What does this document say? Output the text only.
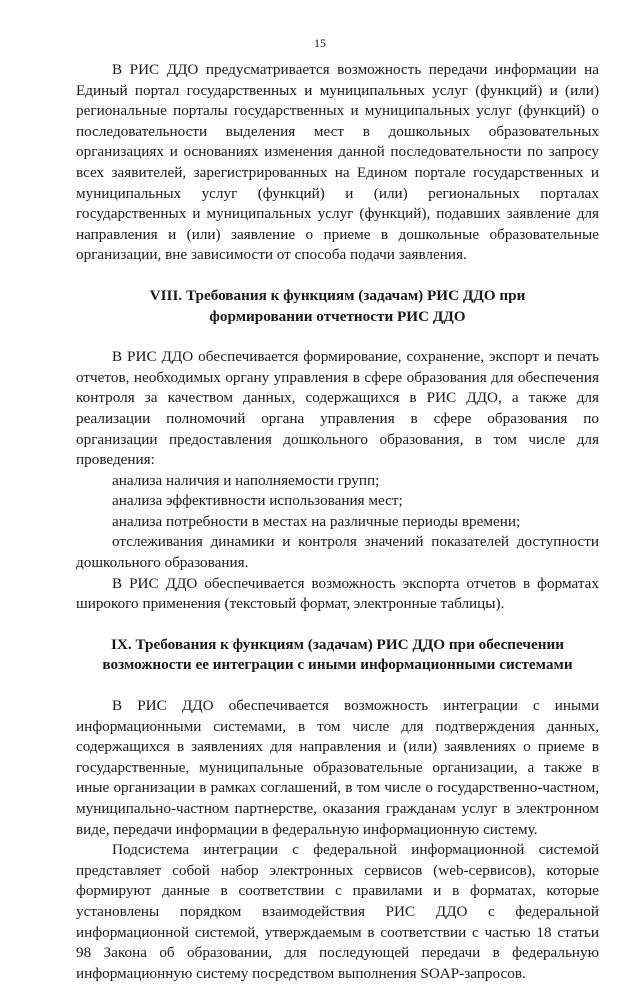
15

В РИС ДДО предусматривается возможность передачи информации на Единый портал государственных и муниципальных услуг (функций) и (или) региональные порталы государственных и муниципальных услуг (функций) о последовательности выделения мест в дошкольных образовательных организациях и основаниях изменения данной последовательности по запросу всех заявителей, зарегистрированных на Едином портале государственных и муниципальных услуг (функций) и (или) региональных порталах государственных и муниципальных услуг (функций), подавших заявление для направления и (или) заявление о приеме в дошкольные образовательные организации, вне зависимости от способа подачи заявления.

VIII. Требования к функциям (задачам) РИС ДДО при
формировании отчетности РИС ДДО

В РИС ДДО обеспечивается формирование, сохранение, экспорт и печать отчетов, необходимых органу управления в сфере образования для обеспечения контроля за качеством данных, содержащихся в РИС ДДО, а также для реализации полномочий органа управления в сфере образования по организации предоставления дошкольного образования, в том числе для проведения:

анализа наличия и наполняемости групп;

анализа эффективности использования мест;

анализа потребности в местах на различные периоды времени;

отслеживания динамики и контроля значений показателей доступности дошкольного образования.

В РИС ДДО обеспечивается возможность экспорта отчетов в форматах широкого применения (текстовый формат, электронные таблицы).

IX. Требования к функциям (задачам) РИС ДДО при обеспечении
возможности ее интеграции с иными информационными системами

В РИС ДДО обеспечивается возможность интеграции с иными информационными системами, в том числе для подтверждения данных, содержащихся в заявлениях для направления и (или) заявлениях о приеме в государственные, муниципальные образовательные организации, а также в иные организации в рамках соглашений, в том числе о государственно-частном, муниципально-частном партнерстве, оказания гражданам услуг в электронном виде, передачи информации в федеральную информационную систему.

Подсистема интеграции с федеральной информационной системой представляет собой набор электронных сервисов (web-сервисов), которые формируют данные в соответствии с правилами и в форматах, которые установлены порядком взаимодействия РИС ДДО с федеральной информационной системой, утверждаемым в соответствии с частью 18 статьи 98 Закона об образовании, для последующей передачи в федеральную информационную систему посредством выполнения SOAP-запросов.
